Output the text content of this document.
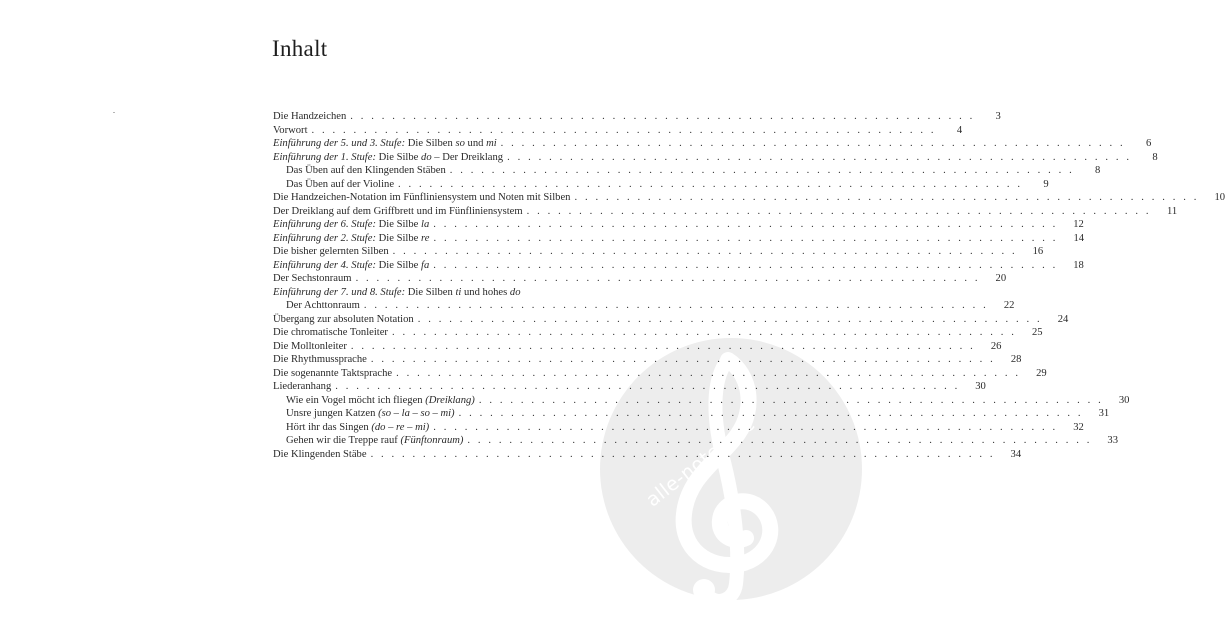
alle-noten.de
Inhalt
Die Handzeichen . . . . . . . . . . . . . . . . . . . . . . . . . . . . . . . . . . . . . . . . . . . . . . . . . . . . . . . . . . . .	3
Vorwort . . . . . . . . . . . . . . . . . . . . . . . . . . . . . . . . . . . . . . . . . . . . . . . . . . . . . . . . . . . .	4
Einführung der 5. und 3. Stufe: Die Silben so und mi . . . . . . . . . . . . . . . . . . . . . . . . . . . . . . . . . . . . . . . . . . . . . . . . . . . . . . . . . . . .	6
Einführung der 1. Stufe: Die Silbe do – Der Dreiklang . . . . . . . . . . . . . . . . . . . . . . . . . . . . . . . . . . . . . . . . . . . . . . . . . . . . . . . . . . . .	8
Das Üben auf den Klingenden Stäben . . . . . . . . . . . . . . . . . . . . . . . . . . . . . . . . . . . . . . . . . . . . . . . . . . . . . . . . . . . .	8
Das Üben auf der Violine . . . . . . . . . . . . . . . . . . . . . . . . . . . . . . . . . . . . . . . . . . . . . . . . . . . . . . . . . . . .	9
Die Handzeichen-Notation im Fünfliniensystem und Noten mit Silben . . . . . . . . . . . . . . . . . . . . . . . . . . . . . . . . . . . . . . . . . . . . . . . . . . . . . . . . . . . .	10
Der Dreiklang auf dem Griffbrett und im Fünfliniensystem . . . . . . . . . . . . . . . . . . . . . . . . . . . . . . . . . . . . . . . . . . . . . . . . . . . . . . . . . . . .	11
Einführung der 6. Stufe: Die Silbe la . . . . . . . . . . . . . . . . . . . . . . . . . . . . . . . . . . . . . . . . . . . . . . . . . . . . . . . . . . . .	12
Einführung der 2. Stufe: Die Silbe re . . . . . . . . . . . . . . . . . . . . . . . . . . . . . . . . . . . . . . . . . . . . . . . . . . . . . . . . . . . .	14
Die bisher gelernten Silben . . . . . . . . . . . . . . . . . . . . . . . . . . . . . . . . . . . . . . . . . . . . . . . . . . . . . . . . . . . .	16
Einführung der 4. Stufe: Die Silbe fa . . . . . . . . . . . . . . . . . . . . . . . . . . . . . . . . . . . . . . . . . . . . . . . . . . . . . . . . . . . .	18
Der Sechstonraum . . . . . . . . . . . . . . . . . . . . . . . . . . . . . . . . . . . . . . . . . . . . . . . . . . . . . . . . . . . .	20
Einführung der 7. und 8. Stufe: Die Silben ti und hohes do
Der Achttonraum . . . . . . . . . . . . . . . . . . . . . . . . . . . . . . . . . . . . . . . . . . . . . . . . . . . . . . . . . . . .	22
Übergang zur absoluten Notation . . . . . . . . . . . . . . . . . . . . . . . . . . . . . . . . . . . . . . . . . . . . . . . . . . . . . . . . . . . .	24
Die chromatische Tonleiter . . . . . . . . . . . . . . . . . . . . . . . . . . . . . . . . . . . . . . . . . . . . . . . . . . . . . . . . . . . .	25
Die Molltonleiter . . . . . . . . . . . . . . . . . . . . . . . . . . . . . . . . . . . . . . . . . . . . . . . . . . . . . . . . . . . .	26
Die Rhythmussprache . . . . . . . . . . . . . . . . . . . . . . . . . . . . . . . . . . . . . . . . . . . . . . . . . . . . . . . . . . . .	28
Die sogenannte Taktsprache . . . . . . . . . . . . . . . . . . . . . . . . . . . . . . . . . . . . . . . . . . . . . . . . . . . . . . . . . . . .	29
Liederanhang . . . . . . . . . . . . . . . . . . . . . . . . . . . . . . . . . . . . . . . . . . . . . . . . . . . . . . . . . . . .	30
Wie ein Vogel möcht ich fliegen (Dreiklang) . . . . . . . . . . . . . . . . . . . . . . . . . . . . . . . . . . . . . . . . . . . . . . . . . . . . . . . . . . . .	30
Unsre jungen Katzen (so – la – so – mi) . . . . . . . . . . . . . . . . . . . . . . . . . . . . . . . . . . . . . . . . . . . . . . . . . . . . . . . . . . . .	31
Hört ihr das Singen (do – re – mi) . . . . . . . . . . . . . . . . . . . . . . . . . . . . . . . . . . . . . . . . . . . . . . . . . . . . . . . . . . . .	32
Gehen wir die Treppe rauf (Fünftonraum) . . . . . . . . . . . . . . . . . . . . . . . . . . . . . . . . . . . . . . . . . . . . . . . . . . . . . . . . . . . .	33
Die Klingenden Stäbe . . . . . . . . . . . . . . . . . . . . . . . . . . . . . . . . . . . . . . . . . . . . . . . . . . . . . . . . . . . .	34
